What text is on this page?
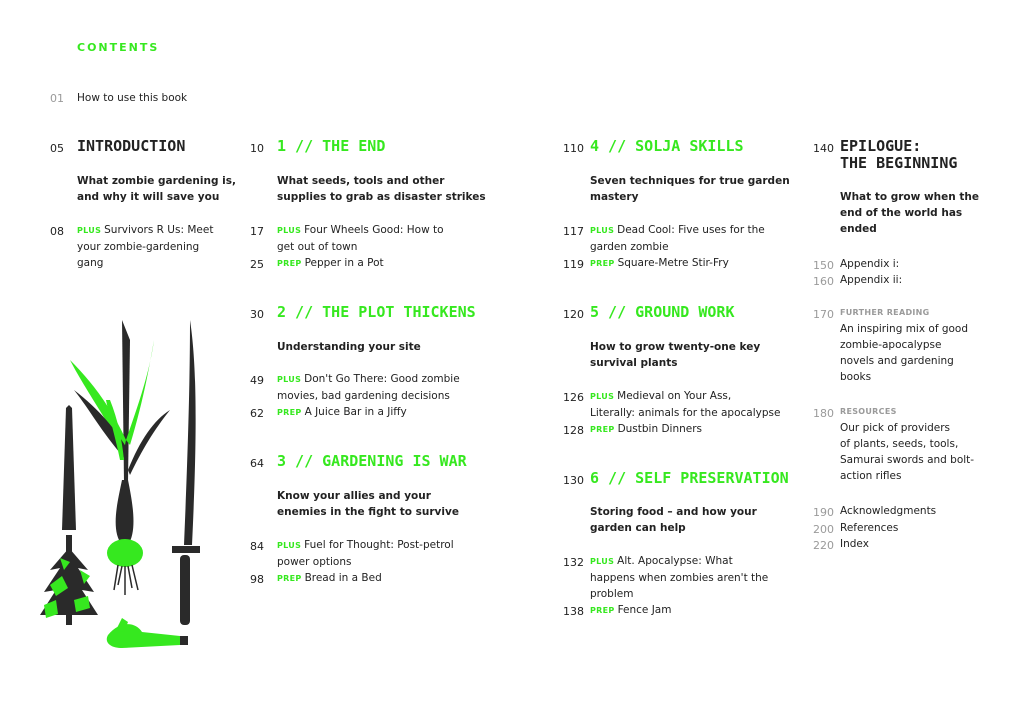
CONTENTS
01	How to use this book
05 INTRODUCTION
What zombie gardening is,
and why it will save you
08	PLUS Survivors R Us: Meet
your zombie-gardening
gang
10 1 // THE END
What seeds, tools and other
supplies to grab as disaster strikes
17	PLUS Four Wheels Good: How to
get out of town
25	PREP Pepper in a Pot
30 2 // THE PLOT THICKENS
Understanding your site
49	PLUS Don't Go There: Good zombie
movies, bad gardening decisions
62	PREP A Juice Bar in a Jiffy
64 3 // GARDENING IS WAR
Know your allies and your
enemies in the fight to survive
84	PLUS Fuel for Thought: Post-petrol
power options
98	PREP Bread in a Bed
110 4 // SOLJA SKILLS
Seven techniques for true garden
mastery
117 PLUS Dead Cool: Five uses for the
garden zombie
119 PREP Square-Metre Stir-Fry
120 5 // GROUND WORK
How to grow twenty-one key
survival plants
126 PLUS Medieval on Your Ass,
Literally: animals for the apocalypse
128 PREP Dustbin Dinners
130 6 // SELF PRESERVATION
Storing food – and how your
garden can help
132 PLUS Alt. Apocalypse: What
happens when zombies aren't the
problem
138 PREP Fence Jam
140 EPILOGUE:
THE BEGINNING
What to grow when the
end of the world has
ended
150 Appendix i:
160 Appendix ii:
170 FURTHER READING
An inspiring mix of good
zombie-apocalypse
novels and gardening
books
180 RESOURCES
Our pick of providers
of plants, seeds, tools,
Samurai swords and bolt-
action rifles
190 Acknowledgments
200 References
220 Index
